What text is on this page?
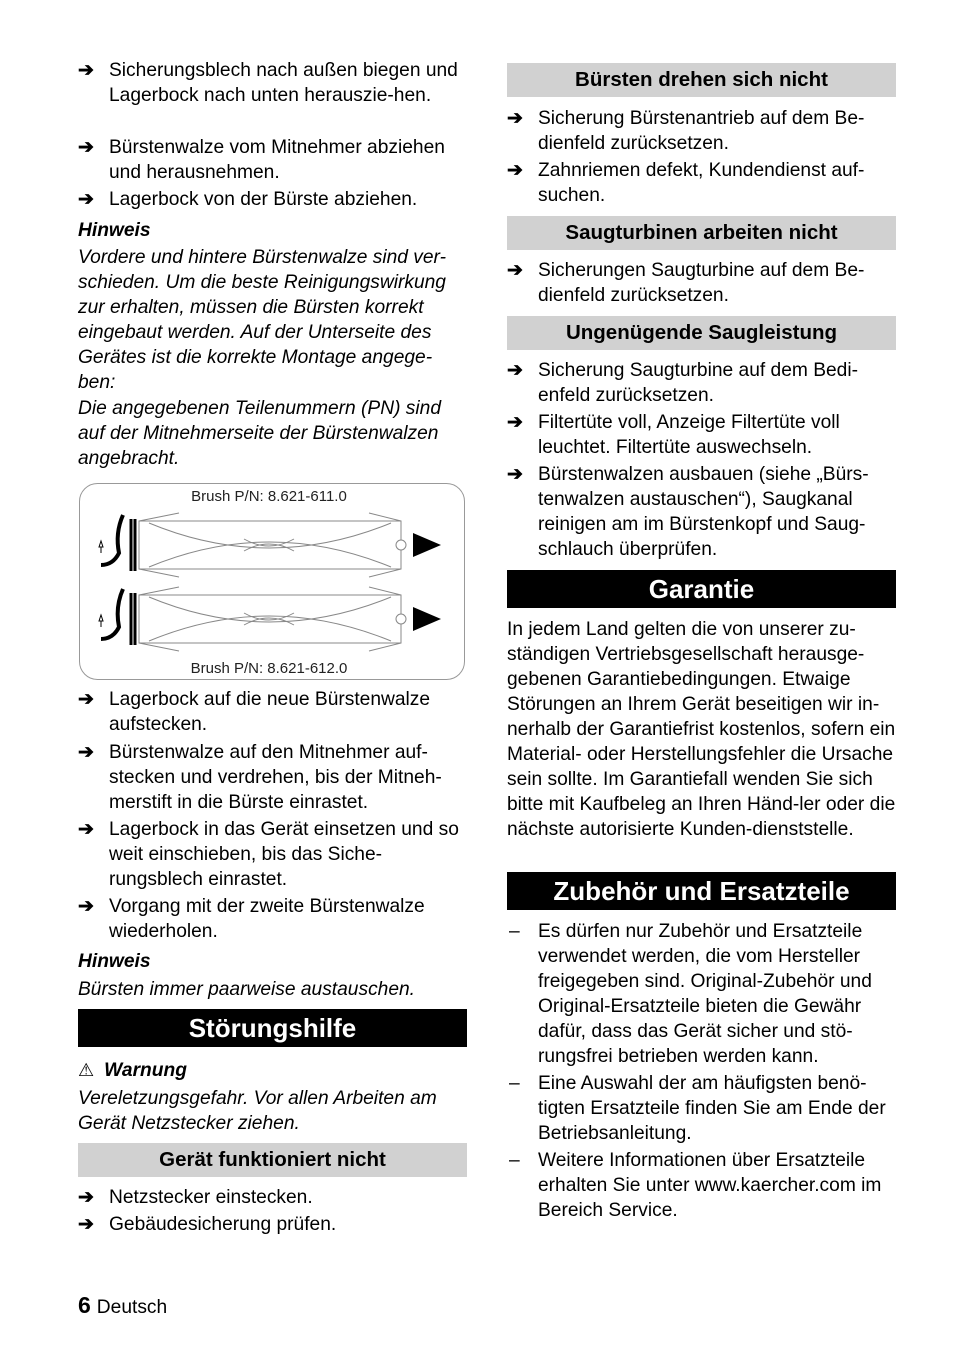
➔ Sicherungsblech nach außen biegen und Lagerbock nach unten herauszie-hen.
➔ Bürstenwalze vom Mitnehmer abziehen und herausnehmen.
➔ Lagerbock von der Bürste abziehen.
Hinweis
Vordere und hintere Bürstenwalze sind ver-schieden. Um die beste Reinigungswirkung zur erhalten, müssen die Bürsten korrekt eingebaut werden. Auf der Unterseite des Gerätes ist die korrekte Montage angege-ben:
Die angegebenen Teilenummern (PN) sind auf der Mitnehmerseite der Bürstenwalzen angebracht.
➔ Lagerbock auf die neue Bürstenwalze aufstecken.
➔ Bürstenwalze auf den Mitnehmer auf-stecken und verdrehen, bis der Mitneh-merstift in die Bürste einrastet.
➔ Lagerbock in das Gerät einsetzen und so weit einschieben, bis das Siche-rungsblech einrastet.
➔ Vorgang mit der zweite Bürstenwalze wiederholen.
Hinweis
Bürsten immer paarweise austauschen.
Störungshilfe
⚠ Warnung
Vereletzungsgefahr. Vor allen Arbeiten am Gerät Netzstecker ziehen.
Gerät funktioniert nicht
➔ Netzstecker einstecken.
➔ Gebäudesicherung prüfen.
Brush P/N: 8.621-611.0
Brush P/N: 8.621-612.0
Bürsten drehen sich nicht
➔ Sicherung Bürstenantrieb auf dem Be-dienfeld zurücksetzen.
➔ Zahnriemen defekt, Kundendienst auf-suchen.
Saugturbinen arbeiten nicht
➔ Sicherungen Saugturbine auf dem Be-dienfeld zurücksetzen.
Ungenügende Saugleistung
➔ Sicherung Saugturbine auf dem Bedi-enfeld zurücksetzen.
➔ Filtertüte voll, Anzeige Filtertüte voll leuchtet. Filtertüte auswechseln.
➔ Bürstenwalzen ausbauen (siehe „Bürs-tenwalzen austauschen“), Saugkanal reinigen am im Bürstenkopf und Saug-schlauch überprüfen.
Garantie
In jedem Land gelten die von unserer zu-ständigen Vertriebsgesellschaft herausge-gebenen Garantiebedingungen. Etwaige Störungen an Ihrem Gerät beseitigen wir in-nerhalb der Garantiefrist kostenlos, sofern ein Material- oder Herstellungsfehler die Ursache sein sollte. Im Garantiefall wenden Sie sich bitte mit Kaufbeleg an Ihren Händ-ler oder die nächste autorisierte Kunden-dienststelle.
Zubehör und Ersatzteile
– Es dürfen nur Zubehör und Ersatzteile verwendet werden, die vom Hersteller freigegeben sind. Original-Zubehör und Original-Ersatzteile bieten die Gewähr dafür, dass das Gerät sicher und stö-rungsfrei betrieben werden kann.
– Eine Auswahl der am häufigsten benö-tigten Ersatzteile finden Sie am Ende der Betriebsanleitung.
– Weitere Informationen über Ersatzteile erhalten Sie unter www.kaercher.com im Bereich Service.
6 Deutsch
